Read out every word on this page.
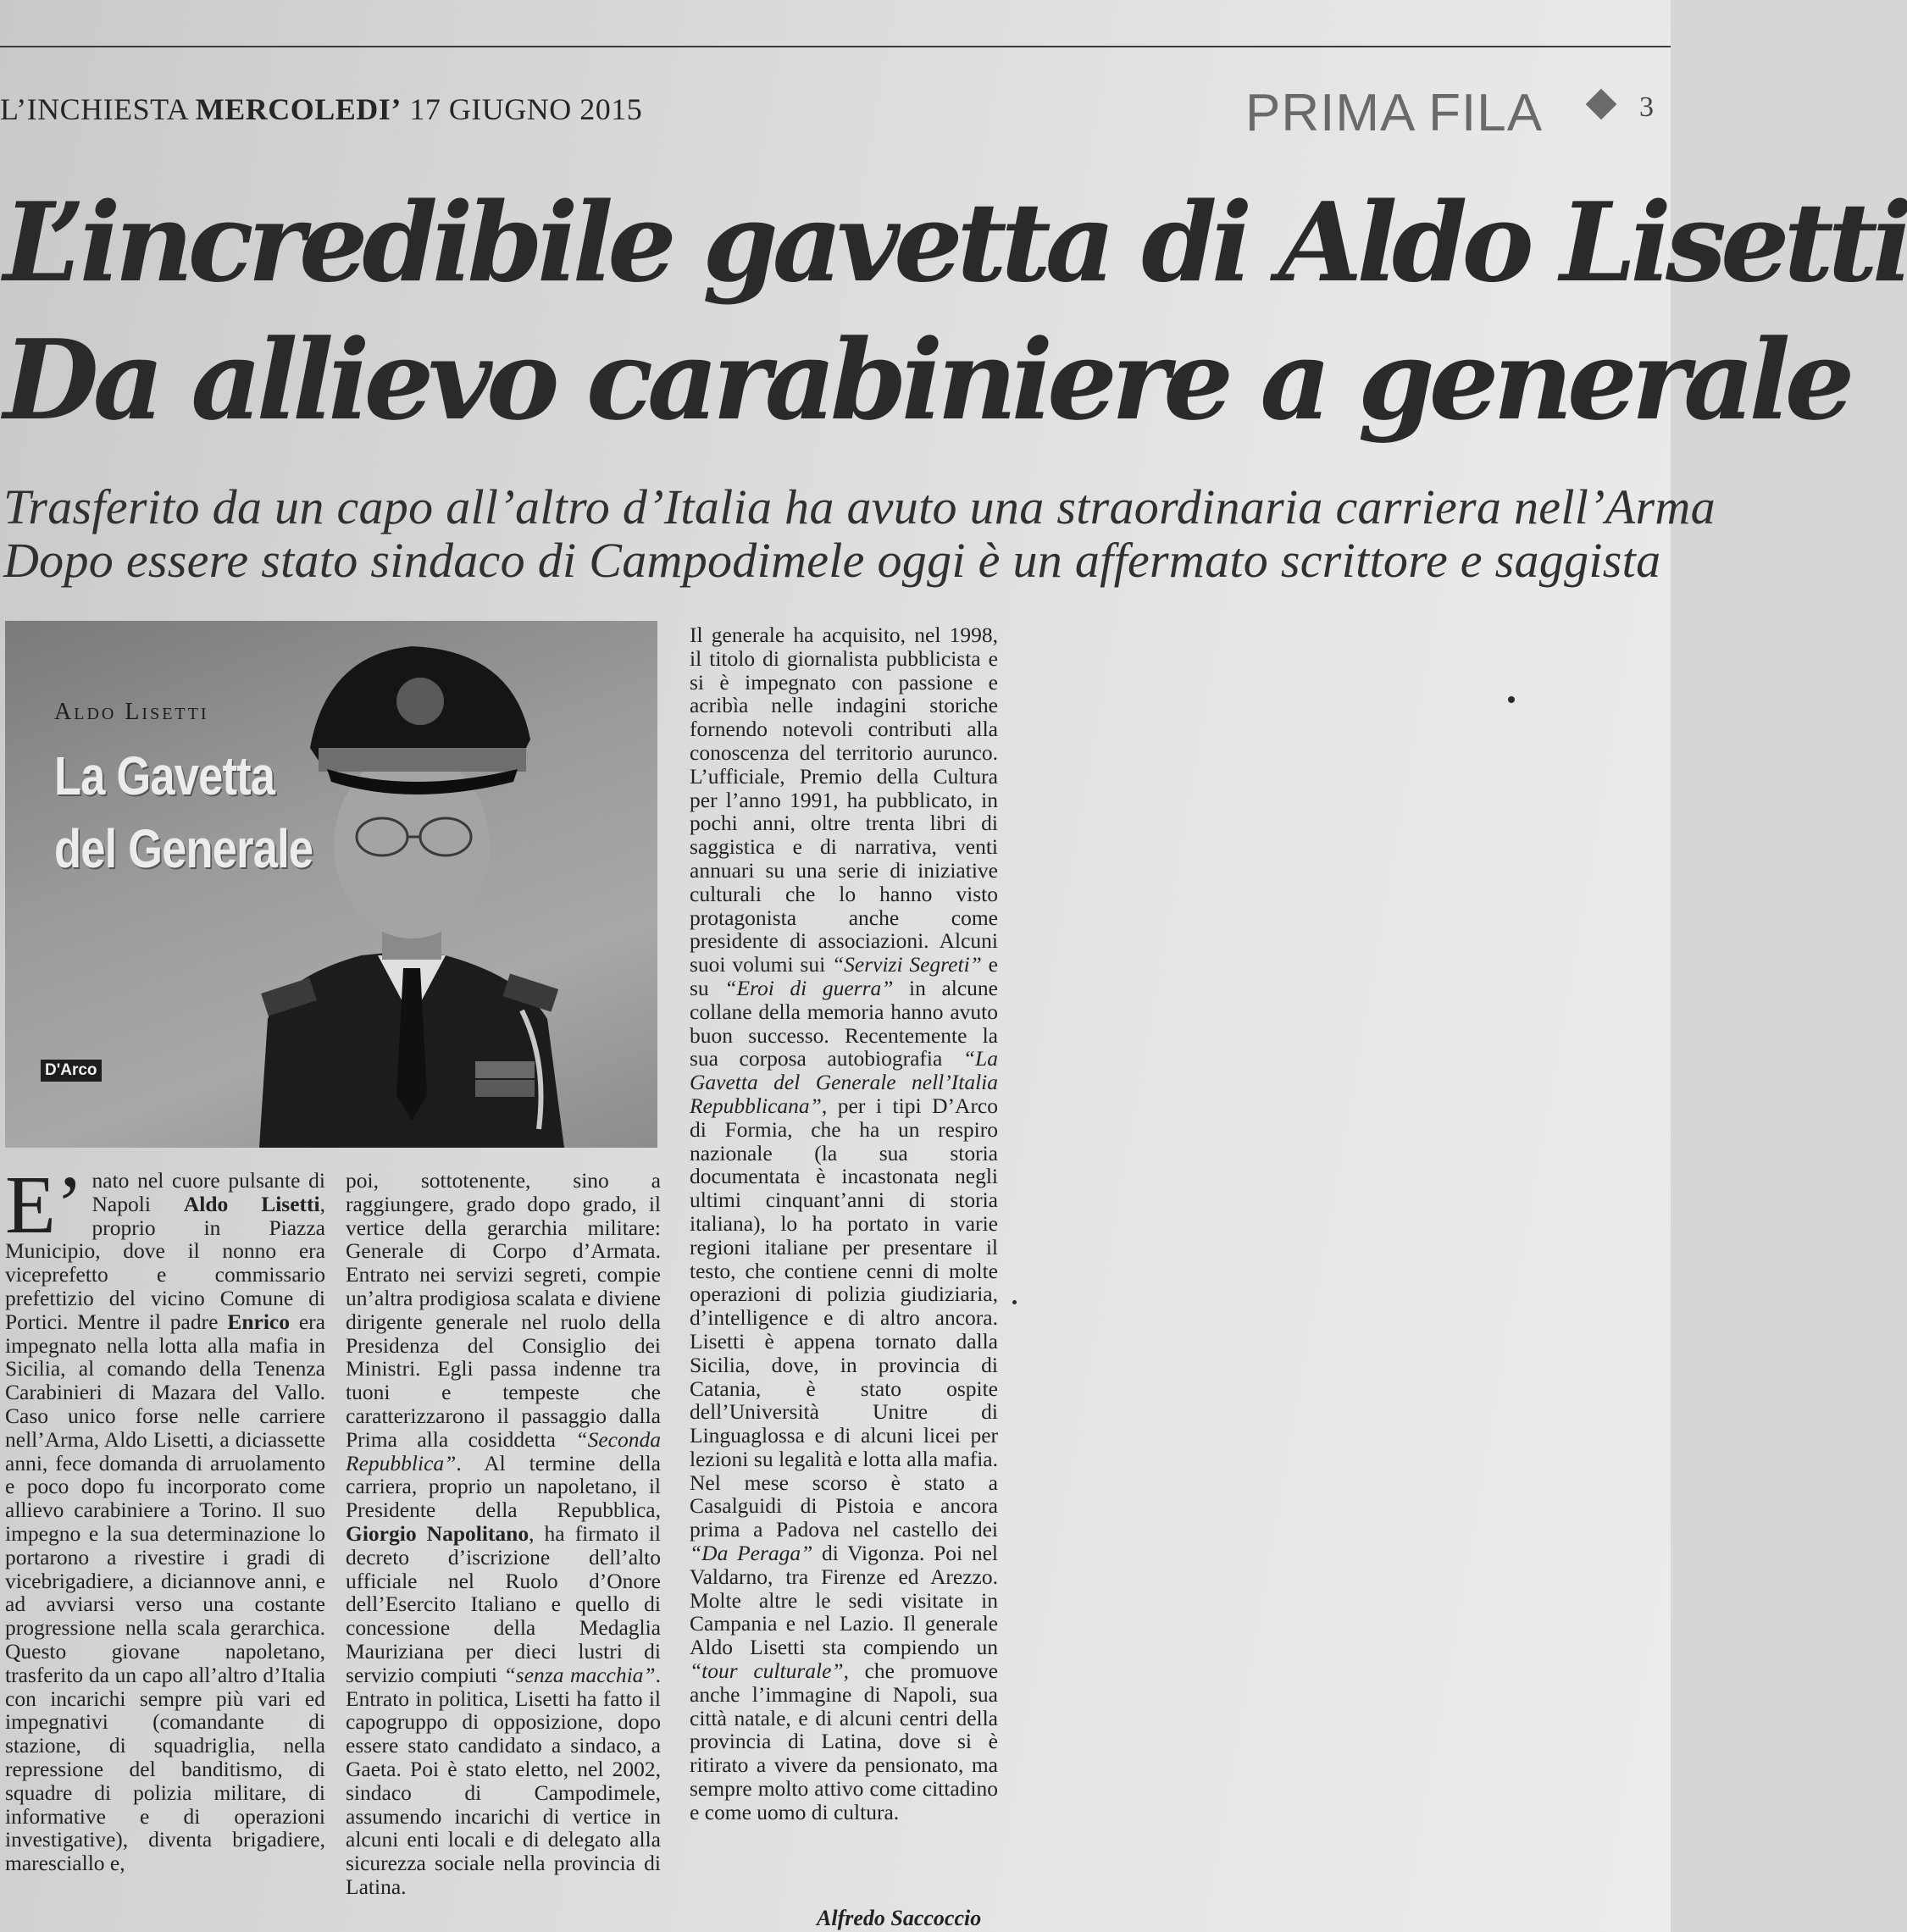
L’INCHIESTA MERCOLEDI’ 17 GIUGNO 2015	PRIMA FILA	3
L’incredibile gavetta di Aldo Lisetti
Da allievo carabiniere a generale
Trasferito da un capo all’altro d’Italia ha avuto una straordinaria carriera nell’Arma
Dopo essere stato sindaco di Campodimele oggi è un affermato scrittore e saggista
Aldo Lisetti
La Gavetta
del Generale
D'Arco

E’ nato nel cuore pulsante di Napoli Aldo Lisetti, proprio in Piazza Municipio, dove il nonno era viceprefetto e commissario prefettizio del vicino Comune di Portici. Mentre il padre Enrico era impegnato nella lotta alla mafia in Sicilia, al comando della Tenenza Carabinieri di Mazara del Vallo. Caso unico forse nelle carriere nell’Arma, Aldo Lisetti, a diciassette anni, fece domanda di arruolamento e poco dopo fu incorporato come allievo carabiniere a Torino. Il suo impegno e la sua determinazione lo portarono a rivestire i gradi di vicebrigadiere, a diciannove anni, e ad avviarsi verso una costante progressione nella scala gerarchica. Questo giovane napoletano, trasferito da un capo all’altro d’Italia con incarichi sempre più vari ed impegnativi (comandante di stazione, di squadriglia, nella repressione del banditismo, di squadre di polizia militare, di informative e di operazioni investigative), diventa brigadiere, maresciallo e,

poi, sottotenente, sino a raggiungere, grado dopo grado, il vertice della gerarchia militare: Generale di Corpo d’Armata. Entrato nei servizi segreti, compie un’altra prodigiosa scalata e diviene dirigente generale nel ruolo della Presidenza del Consiglio dei Ministri. Egli passa indenne tra tuoni e tempeste che caratterizzarono il passaggio dalla Prima alla cosiddetta “Seconda Repubblica”. Al termine della carriera, proprio un napoletano, il Presidente della Repubblica, Giorgio Napolitano, ha firmato il decreto d’iscrizione dell’alto ufficiale nel Ruolo d’Onore dell’Esercito Italiano e quello di concessione della Medaglia Mauriziana per dieci lustri di servizio compiuti “senza macchia”. Entrato in politica, Lisetti ha fatto il capogruppo di opposizione, dopo essere stato candidato a sindaco, a Gaeta. Poi è stato eletto, nel 2002, sindaco di Campodimele, assumendo incarichi di vertice in alcuni enti locali e di delegato alla sicurezza sociale nella provincia di Latina.

Il generale ha acquisito, nel 1998, il titolo di giornalista pubblicista e si è impegnato con passione e acribìa nelle indagini storiche fornendo notevoli contributi alla conoscenza del territorio aurunco. L’ufficiale, Premio della Cultura per l’anno 1991, ha pubblicato, in pochi anni, oltre trenta libri di saggistica e di narrativa, venti annuari su una serie di iniziative culturali che lo hanno visto protagonista anche come presidente di associazioni. Alcuni suoi volumi sui “Servizi Segreti” e su “Eroi di guerra” in alcune collane della memoria hanno avuto buon successo. Recentemente la sua corposa autobiografia “La Gavetta del Generale nell’Italia Repubblicana”, per i tipi D’Arco di Formia, che ha un respiro nazionale (la sua storia documentata è incastonata negli ultimi cinquant’anni di storia italiana), lo ha portato in varie regioni italiane per presentare il testo, che contiene cenni di molte operazioni di polizia giudiziaria, d’intelligence e di altro ancora. Lisetti è appena tornato dalla Sicilia, dove, in provincia di Catania, è stato ospite dell’Università Unitre di Linguaglossa e di alcuni licei per lezioni su legalità e lotta alla mafia. Nel mese scorso è stato a Casalguidi di Pistoia e ancora prima a Padova nel castello dei “Da Peraga” di Vigonza. Poi nel Valdarno, tra Firenze ed Arezzo. Molte altre le sedi visitate in Campania e nel Lazio. Il generale Aldo Lisetti sta compiendo un “tour culturale”, che promuove anche l’immagine di Napoli, sua città natale, e di alcuni centri della provincia di Latina, dove si è ritirato a vivere da pensionato, ma sempre molto attivo come cittadino e come uomo di cultura.

Alfredo Saccoccio
